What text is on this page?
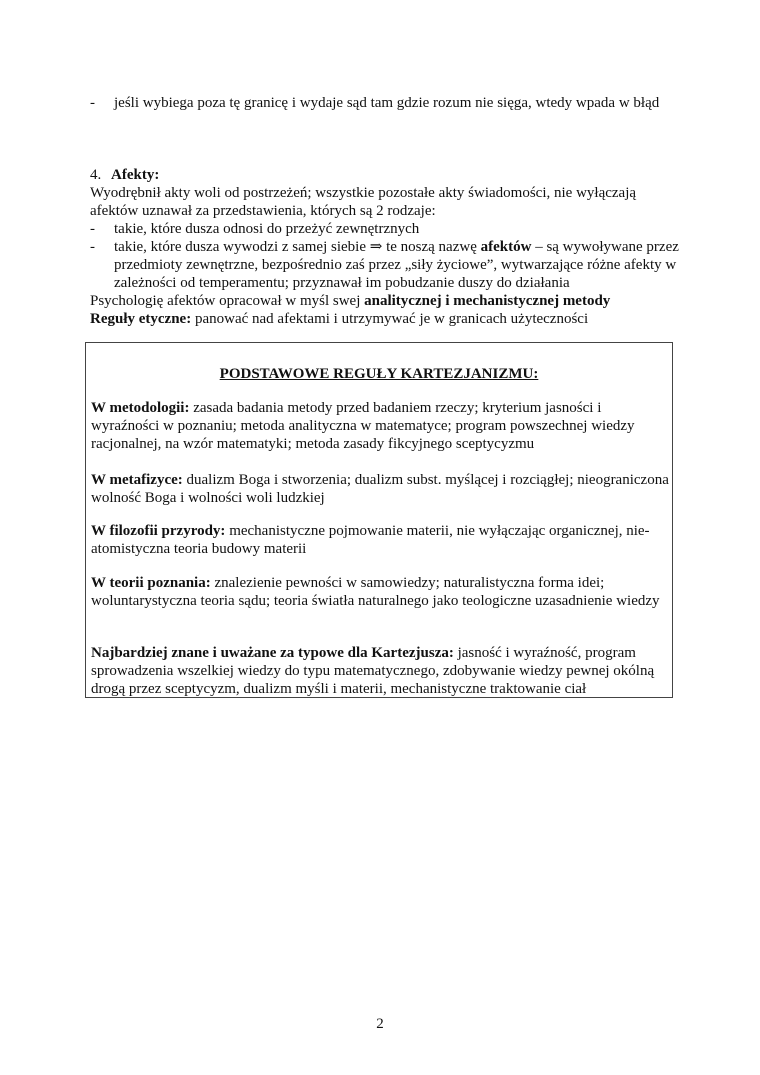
- jeśli wybiega poza tę granicę i wydaje sąd tam gdzie rozum nie sięga, wtedy wpada w błąd
4. Afekty:
Wyodrębnił akty woli od postrzeżeń; wszystkie pozostałe akty świadomości, nie wyłączają
afektów uznawał za przedstawienia, których są 2 rodzaje:
- takie, które dusza odnosi do przeżyć zewnętrznych
- takie, które dusza wywodzi z samej siebie ⇒ te noszą nazwę afektów – są wywoływane przez przedmioty zewnętrzne, bezpośrednio zaś przez „siły życiowe”, wytwarzające różne afekty w zależności od temperamentu; przyznawał im pobudzanie duszy do działania
Psychologię afektów opracował w myśl swej analitycznej i mechanistycznej metody
Reguły etyczne: panować nad afektami i utrzymywać je w granicach użyteczności
PODSTAWOWE REGUŁY KARTEZJANIZMU:
W metodologii: zasada badania metody przed badaniem rzeczy; kryterium jasności i wyraźności w poznaniu; metoda analityczna w matematyce; program powszechnej wiedzy racjonalnej, na wzór matematyki; metoda zasady fikcyjnego sceptycyzmu
W metafizyce: dualizm Boga i stworzenia; dualizm subst. myślącej i rozciągłej; nieograniczona wolność Boga i wolności woli ludzkiej
W filozofii przyrody: mechanistyczne pojmowanie materii, nie wyłączając organicznej, nie-atomistyczna teoria budowy materii
W teorii poznania: znalezienie pewności w samowiedzy; naturalistyczna forma idei; woluntarystyczna teoria sądu; teoria światła naturalnego jako teologiczne uzasadnienie wiedzy
Najbardziej znane i uważane za typowe dla Kartezjusza: jasność i wyraźność, program sprowadzenia wszelkiej wiedzy do typu matematycznego, zdobywanie wiedzy pewnej okólną drogą przez sceptycyzm, dualizm myśli i materii, mechanistyczne traktowanie ciał
2
